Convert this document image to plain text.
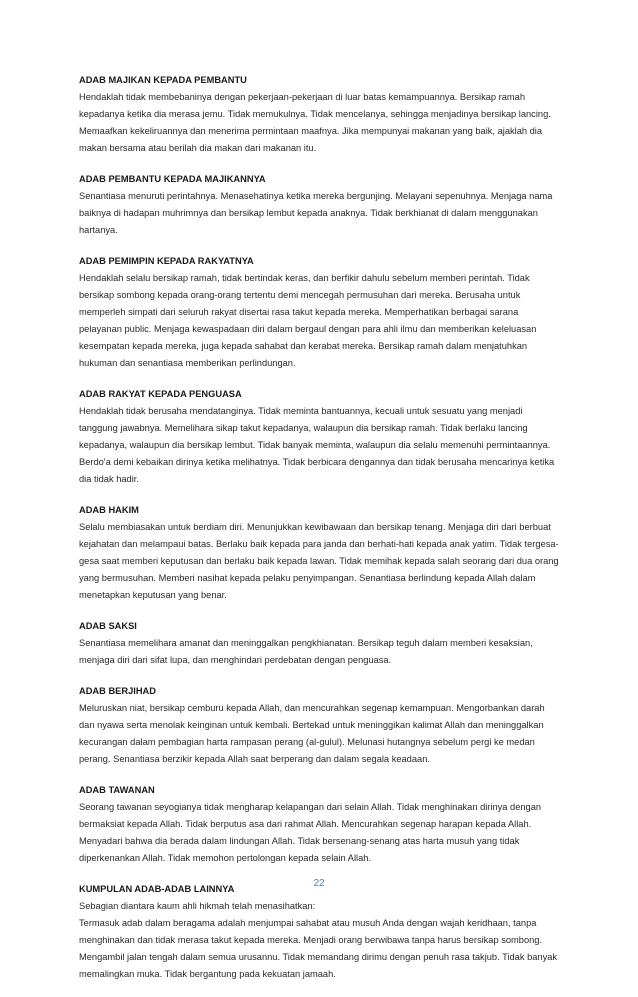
ADAB MAJIKAN KEPADA PEMBANTU

Hendaklah tidak membebaninya dengan pekerjaan-pekerjaan di luar batas kemampuannya. Bersikap ramah kepadanya ketika dia merasa jemu. Tidak memukulnya. Tidak mencelanya, sehingga menjadinya bersikap lancing. Memaafkan kekeliruannya dan menerima permintaan maafnya. Jika mempunyai makanan yang baik, ajaklah dia makan bersama atau berilah dia makan dari makanan itu.

ADAB PEMBANTU KEPADA MAJIKANNYA

Senantiasa menuruti perintahnya. Menasehatinya ketika mereka bergunjing. Melayani sepenuhnya. Menjaga nama baiknya di hadapan muhrimnya dan bersikap lembut kepada anaknya. Tidak berkhianat di dalam menggunakan hartanya.

ADAB PEMIMPIN KEPADA RAKYATNYA

Hendaklah selalu bersikap ramah, tidak bertindak keras, dan berfikir dahulu sebelum memberi perintah. Tidak bersikap sombong kepada orang-orang tertentu demi mencegah permusuhan dari mereka. Berusaha untuk memperleh simpati dari seluruh rakyat disertai rasa takut kepada mereka. Memperhatikan berbagai sarana pelayanan public. Menjaga kewaspadaan diri dalam bergaul dengan para ahli ilmu dan memberikan keleluasan kesempatan kepada mereka, juga kepada sahabat dan kerabat mereka. Bersikap ramah dalam menjatuhkan hukuman dan senantiasa memberikan perlindungan.

ADAB RAKYAT KEPADA PENGUASA

Hendaklah tidak berusaha mendatanginya. Tidak meminta bantuannya, kecuali untuk sesuatu yang menjadi tanggung jawabnya. Memelihara sikap takut kepadanya, walaupun dia bersikap ramah. Tidak berlaku lancing kepadanya, walaupun dia bersikap lembut. Tidak banyak meminta, walaupun dia selalu memenuhi permintaannya. Berdo'a demi kebaikan dirinya ketika melihatnya. Tidak berbicara dengannya dan tidak berusaha mencarinya ketika dia tidak hadir.

ADAB HAKIM

Selalu membiasakan untuk berdiam diri. Menunjukkan kewibawaan dan bersikap tenang. Menjaga diri dari berbuat kejahatan dan melampaui batas. Berlaku baik kepada para janda dan berhati-hati kepada anak yatim. Tidak tergesa-gesa saat memberi keputusan dan berlaku baik kepada lawan. Tidak memihak kepada salah seorang dari dua orang yang bermusuhan. Memberi nasihat kepada pelaku penyimpangan. Senantiasa berlindung kepada Allah dalam menetapkan keputusan yang benar.

ADAB SAKSI

Senantiasa memelihara amanat dan meninggalkan pengkhianatan. Bersikap teguh dalam memberi kesaksian, menjaga diri dari sifat lupa, dan menghindari perdebatan dengan penguasa.

ADAB BERJIHAD

Meluruskan niat, bersikap cemburu kepada Allah, dan mencurahkan segenap kemampuan. Mengorbankan darah dan nyawa serta menolak keinginan untuk kembali. Bertekad untuk meninggikan kalimat Allah dan meninggalkan kecurangan dalam pembagian harta rampasan perang (al-gulul). Melunasi hutangnya sebelum pergi ke medan perang. Senantiasa berzikir kepada Allah saat berperang dan dalam segala keadaan.

ADAB TAWANAN

Seorang tawanan seyogianya tidak mengharap kelapangan dari selain Allah. Tidak menghinakan dirinya dengan bermaksiat kepada Allah. Tidak berputus asa dari rahmat Allah. Mencurahkan segenap harapan kepada Allah. Menyadari bahwa dia berada dalam lindungan Allah. Tidak bersenang-senang atas harta musuh yang tidak diperkenankan Allah. Tidak memohon pertolongan kepada selain Allah.

KUMPULAN ADAB-ADAB LAINNYA

Sebagian diantara kaum ahli hikmah telah menasihatkan:

Termasuk adab dalam beragama adalah menjumpai sahabat atau musuh Anda dengan wajah keridhaan, tanpa menghinakan dan tidak merasa takut kepada mereka. Menjadi orang berwibawa tanpa harus bersikap sombong. Mengambil jalan tengah dalam semua urusannu. Tidak memandang dirimu dengan penuh rasa takjub. Tidak banyak memalingkan muka. Tidak bergantung pada kekuatan jamaah.

22
